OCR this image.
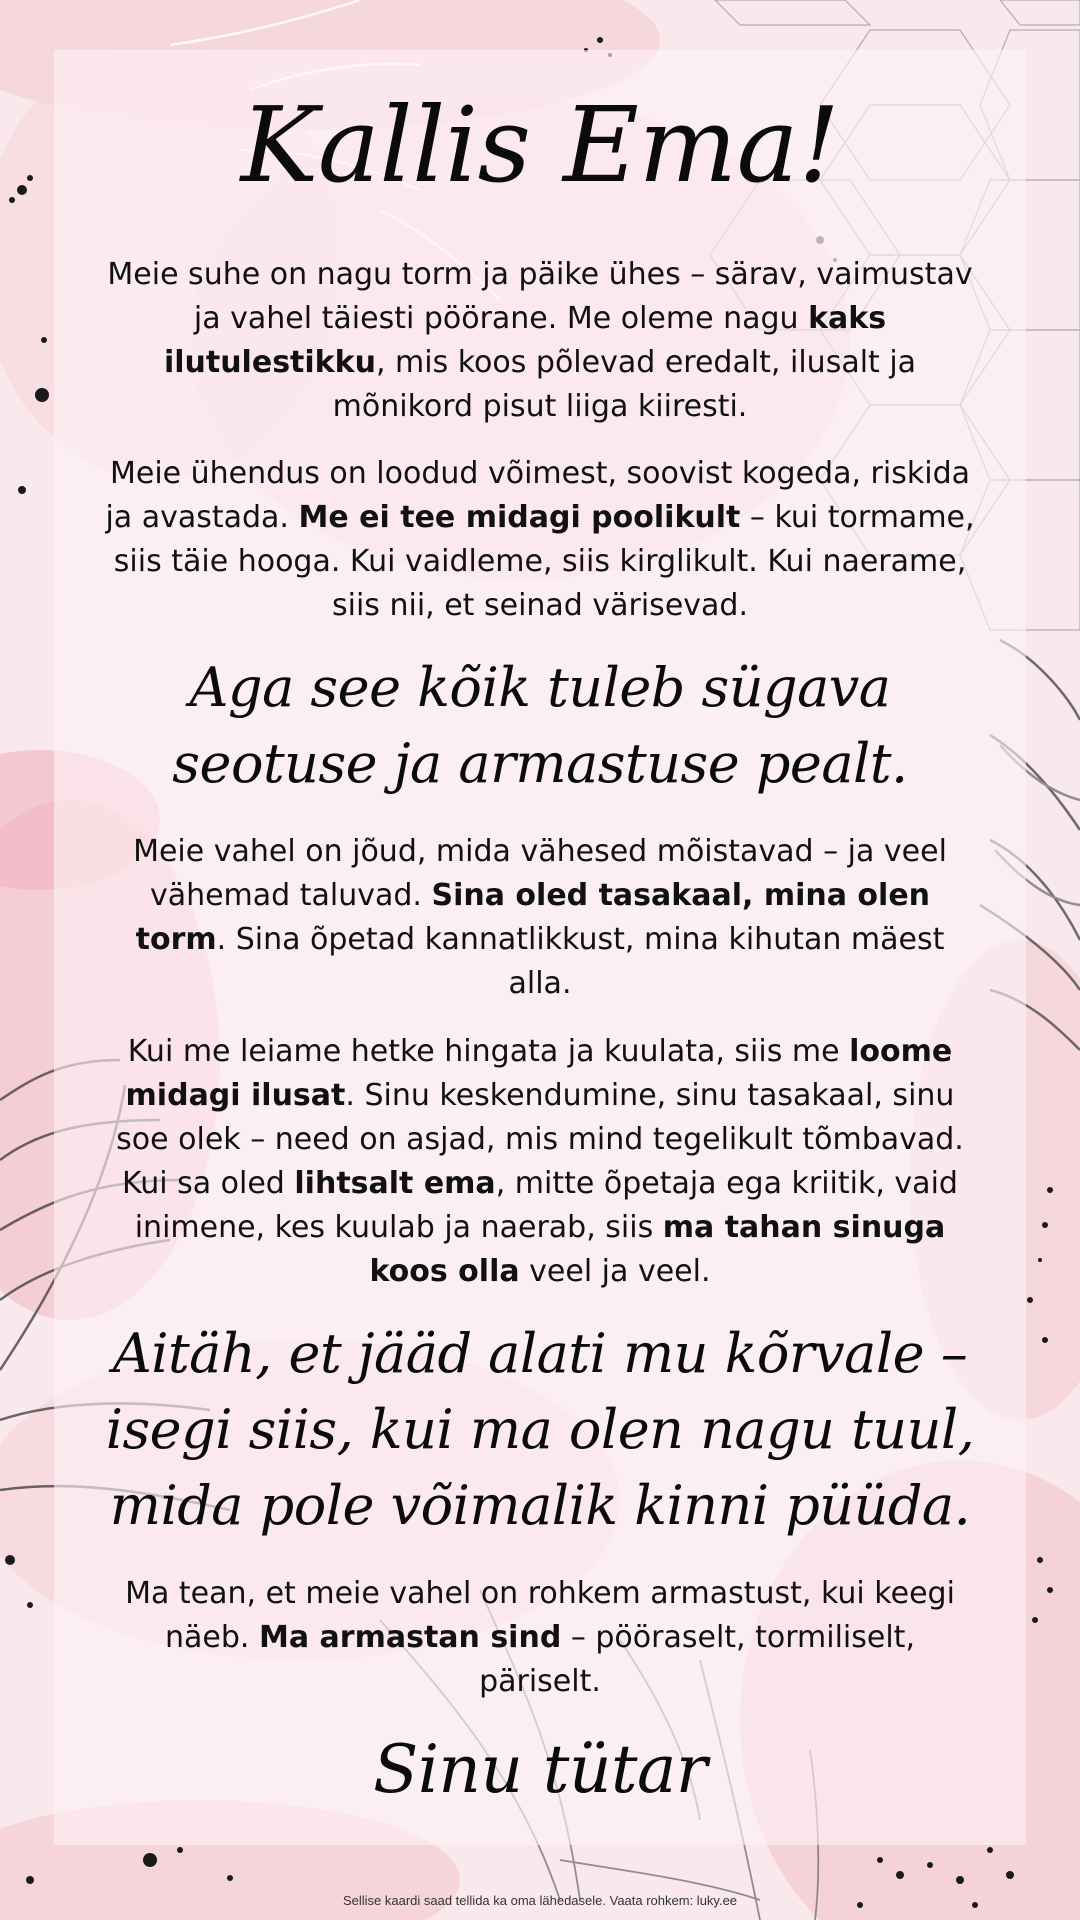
Kallis Ema!

Meie suhe on nagu torm ja päike ühes – särav, vaimustav ja vahel täiesti pöörane. Me oleme nagu kaks ilutulestikku, mis koos põlevad eredalt, ilusalt ja mõnikord pisut liiga kiiresti.

Meie ühendus on loodud võimest, soovist kogeda, riskida ja avastada. Me ei tee midagi poolikult – kui tormame, siis täie hooga. Kui vaidleme, siis kirglikult. Kui naerame, siis nii, et seinad värisevad.

Aga see kõik tuleb sügava seotuse ja armastuse pealt.

Meie vahel on jõud, mida vähesed mõistavad – ja veel vähemad taluvad. Sina oled tasakaal, mina olen torm. Sina õpetad kannatlikkust, mina kihutan mäest alla.

Kui me leiame hetke hingata ja kuulata, siis me loome midagi ilusat. Sinu keskendumine, sinu tasakaal, sinu soe olek – need on asjad, mis mind tegelikult tõmbavad. Kui sa oled lihtsalt ema, mitte õpetaja ega kriitik, vaid inimene, kes kuulab ja naerab, siis ma tahan sinuga koos olla veel ja veel.

Aitäh, et jääd alati mu kõrvale – isegi siis, kui ma olen nagu tuul, mida pole võimalik kinni püüda.

Ma tean, et meie vahel on rohkem armastust, kui keegi näeb. Ma armastan sind – pööraselt, tormiliselt, päriselt.

Sinu tütar

Sellise kaardi saad tellida ka oma lähedasele. Vaata rohkem: luky.ee
